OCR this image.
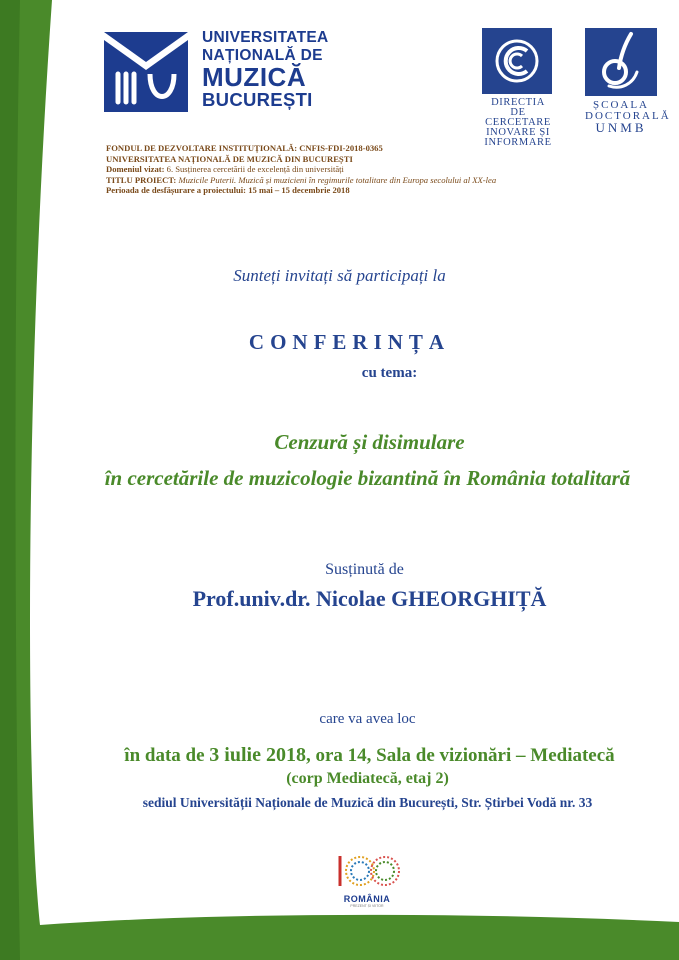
UNIVERSITATEA
NAȚIONALĂ DE
MUZICĂ
BUCUREȘTI	DIRECTIA
DE CERCETARE
INOVARE ȘI
INFORMARE
ȘCOALA
DOCTORALĂ
UNMB
FONDUL DE DEZVOLTARE INSTITUȚIONALĂ: CNFIS-FDI-2018-0365
UNIVERSITATEA NAȚIONALĂ DE MUZICĂ DIN BUCUREȘTI
Domeniul vizat: 6. Susținerea cercetării de excelență din universități
TITLU PROIECT: Muzicile Puterii. Muzică și muzicieni în regimurile totalitare din Europa secolului al XX-lea
Perioada de desfășurare a proiectului: 15 mai – 15 decembrie 2018
Sunteți invitați să participați la
CONFERINȚA
cu tema:
Cenzură și disimulare
în cercetările de muzicologie bizantină în România totalitară
Susținută de
Prof.univ.dr. Nicolae GHEORGHIȚĂ
care va avea loc
în data de 3 iulie 2018, ora 14, Sala de vizionări – Mediatecă
(corp Mediatecă, etaj 2)
sediul Universității Naționale de Muzică din București, Str. Știrbei Vodă nr. 33
ROMÂNIA
PREZENT ȘI VIITOR
